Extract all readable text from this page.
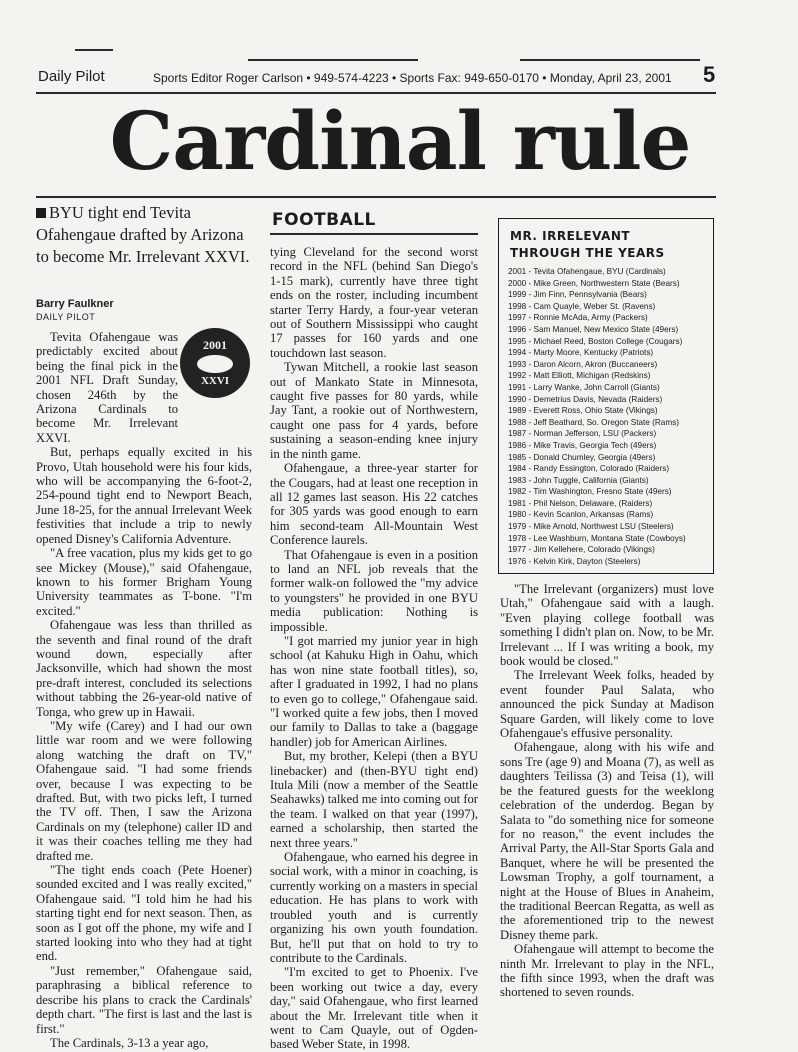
Daily Pilot	Sports Editor Roger Carlson • 949-574-4223 • Sports Fax: 949-650-0170 • Monday, April 23, 2001 5
Cardinal rule
BYU tight end Tevita Ofahengaue drafted by Arizona to become Mr. Irrelevant XXVI.
Barry Faulkner
DAILY PILOT
2001
XXVI

Tevita Ofahengaue was predictably excited about being the final pick in the 2001 NFL Draft Sunday, chosen 246th by the Arizona Cardinals to become Mr. Irrelevant XXVI.

But, perhaps equally excited in his Provo, Utah household were his four kids, who will be accompanying the 6-foot-2, 254-pound tight end to Newport Beach, June 18-25, for the annual Irrelevant Week festivities that include a trip to newly opened Disney's California Adventure.

"A free vacation, plus my kids get to go see Mickey (Mouse)," said Ofahengaue, known to his former Brigham Young University teammates as T-bone. "I'm excited."

Ofahengaue was less than thrilled as the seventh and final round of the draft wound down, especially after Jacksonville, which had shown the most pre-draft interest, concluded its selections without tabbing the 26-year-old native of Tonga, who grew up in Hawaii.

"My wife (Carey) and I had our own little war room and we were following along watching the draft on TV," Ofahengaue said. "I had some friends over, because I was expecting to be drafted. But, with two picks left, I turned the TV off. Then, I saw the Arizona Cardinals on my (telephone) caller ID and it was their coaches telling me they had drafted me.

"The tight ends coach (Pete Hoener) sounded excited and I was really excited," Ofahengaue said. "I told him he had his starting tight end for next season. Then, as soon as I got off the phone, my wife and I started looking into who they had at tight end.

"Just remember," Ofahengaue said, paraphrasing a biblical reference to describe his plans to crack the Cardinals' depth chart. "The first is last and the last is first."

The Cardinals, 3-13 a year ago,

FOOTBALL

tying Cleveland for the second worst record in the NFL (behind San Diego's 1-15 mark), currently have three tight ends on the roster, including incumbent starter Terry Hardy, a four-year veteran out of Southern Mississippi who caught 17 passes for 160 yards and one touchdown last season.

Tywan Mitchell, a rookie last season out of Mankato State in Minnesota, caught five passes for 80 yards, while Jay Tant, a rookie out of Northwestern, caught one pass for 4 yards, before sustaining a season-ending knee injury in the ninth game.

Ofahengaue, a three-year starter for the Cougars, had at least one reception in all 12 games last season. His 22 catches for 305 yards was good enough to earn him second-team All-Mountain West Conference laurels.

That Ofahengaue is even in a position to land an NFL job reveals that the former walk-on followed the "my advice to youngsters" he provided in one BYU media publication: Nothing is impossible.

"I got married my junior year in high school (at Kahuku High in Oahu, which has won nine state football titles), so, after I graduated in 1992, I had no plans to even go to college," Ofahengaue said. "I worked quite a few jobs, then I moved our family to Dallas to take a (baggage handler) job for American Airlines.

But, my brother, Kelepi (then a BYU linebacker) and (then-BYU tight end) Itula Mili (now a member of the Seattle Seahawks) talked me into coming out for the team. I walked on that year (1997), earned a scholarship, then started the next three years."

Ofahengaue, who earned his degree in social work, with a minor in coaching, is currently working on a masters in special education. He has plans to work with troubled youth and is currently organizing his own youth foundation. But, he'll put that on hold to try to contribute to the Cardinals.

"I'm excited to get to Phoenix. I've been working out twice a day, every day," said Ofahengaue, who first learned about the Mr. Irrelevant title when it went to Cam Quayle, out of Ogden-based Weber State, in 1998.

MR. IRRELEVANT
THROUGH THE YEARS
2001 - Tevita Ofahengaue, BYU (Cardinals)
2000 - Mike Green, Northwestern State (Bears)
1999 - Jim Finn, Pennsylvania (Bears)
1998 - Cam Quayle, Weber St. (Ravens)
1997 - Ronnie McAda, Army (Packers)
1996 - Sam Manuel, New Mexico State (49ers)
1995 - Michael Reed, Boston College (Cougars)
1994 - Marty Moore, Kentucky (Patriots)
1993 - Daron Alcorn, Akron (Buccaneers)
1992 - Matt Elliott, Michigan (Redskins)
1991 - Larry Wanke, John Carroll (Giants)
1990 - Demetrius Davis, Nevada (Raiders)
1989 - Everett Ross, Ohio State (Vikings)
1988 - Jeff Beathard, So. Oregon State (Rams)
1987 - Norman Jefferson, LSU (Packers)
1986 - Mike Travis, Georgia Tech (49ers)
1985 - Donald Chumley, Georgia (49ers)
1984 - Randy Essington, Colorado (Raiders)
1983 - John Tuggle, California (Giants)
1982 - Tim Washington, Fresno State (49ers)
1981 - Phil Nelson, Delaware, (Raiders)
1980 - Kevin Scanlon, Arkansas (Rams)
1979 - Mike Arnold, Northwest LSU (Steelers)
1978 - Lee Washburn, Montana State (Cowboys)
1977 - Jim Kellehere, Colorado (Vikings)
1976 - Kelvin Kirk, Dayton (Steelers)

"The Irrelevant (organizers) must love Utah," Ofahengaue said with a laugh. "Even playing college football was something I didn't plan on. Now, to be Mr. Irrelevant ... If I was writing a book, my book would be closed."

The Irrelevant Week folks, headed by event founder Paul Salata, who announced the pick Sunday at Madison Square Garden, will likely come to love Ofahengaue's effusive personality.

Ofahengaue, along with his wife and sons Tre (age 9) and Moana (7), as well as daughters Teilissa (3) and Teisa (1), will be the featured guests for the weeklong celebration of the underdog. Began by Salata to "do something nice for someone for no reason," the event includes the Arrival Party, the All-Star Sports Gala and Banquet, where he will be presented the Lowsman Trophy, a golf tournament, a night at the House of Blues in Anaheim, the traditional Beercan Regatta, as well as the aforementioned trip to the newest Disney theme park.

Ofahengaue will attempt to become the ninth Mr. Irrelevant to play in the NFL, the fifth since 1993, when the draft was shortened to seven rounds.
